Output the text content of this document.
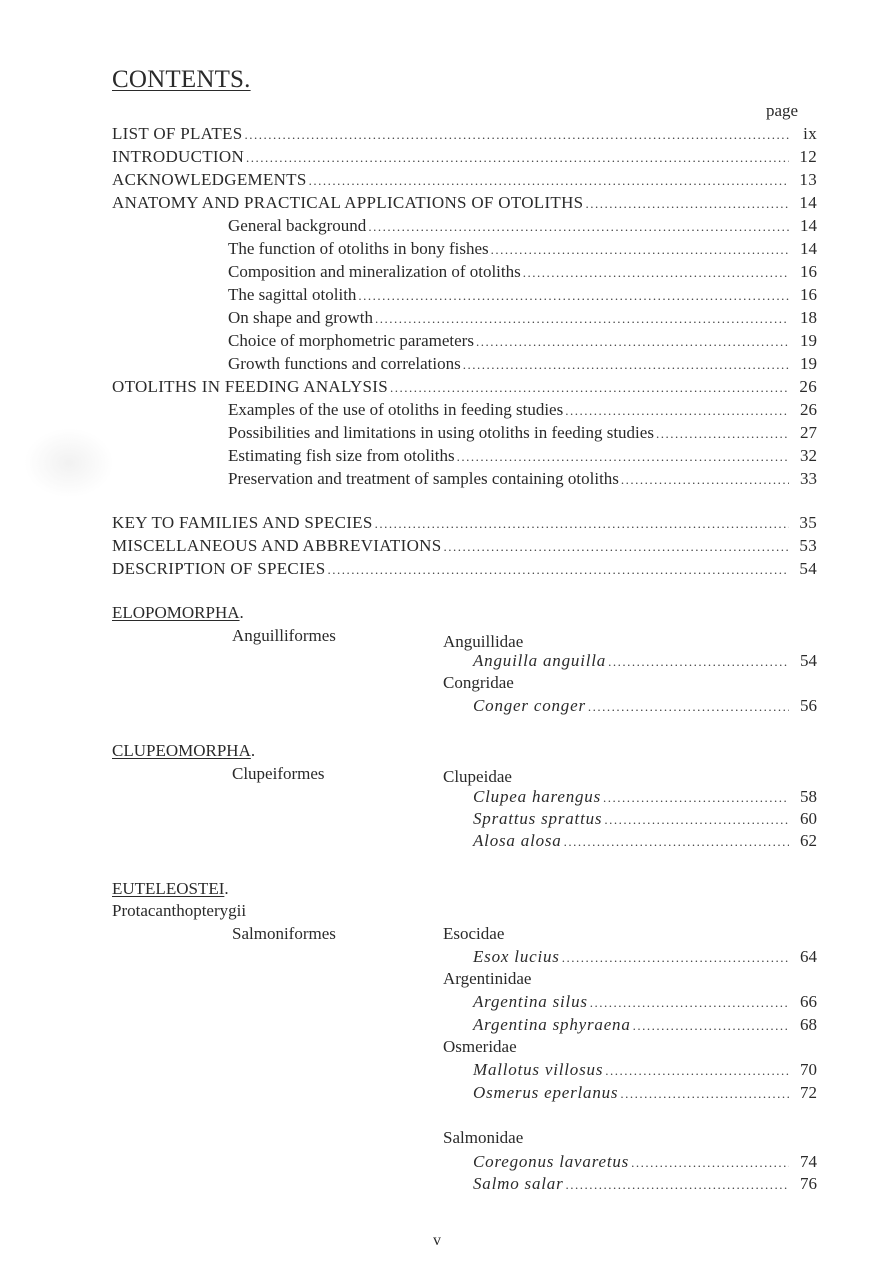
CONTENTS.
page
LIST OF PLATES .....	ix
INTRODUCTION .....	12
ACKNOWLEDGEMENTS .....	13
ANATOMY AND PRACTICAL APPLICATIONS OF OTOLITHS .....	14
General background .....	14
The function of otoliths in bony fishes .....	14
Composition and mineralization of otoliths .....	16
The sagittal otolith .....	16
On shape and growth .....	18
Choice of morphometric parameters .....	19
Growth functions and correlations .....	19
OTOLITHS IN FEEDING ANALYSIS .....	26
Examples of the use of otoliths in feeding studies .....	26
Possibilities and limitations in using otoliths in feeding studies .....	27
Estimating fish size from otoliths .....	32
Preservation and treatment of samples containing otoliths .....	33
KEY TO FAMILIES AND SPECIES .....	35
MISCELLANEOUS AND ABBREVIATIONS .....	53
DESCRIPTION OF SPECIES .....	54
ELOPOMORPHA.
Anguilliformes	Anguillidae
Anguilla anguilla .....	54
Congridae
Conger conger .....	56
CLUPEOMORPHA.
Clupeiformes	Clupeidae
Clupea harengus .....	58
Sprattus sprattus .....	60
Alosa alosa .....	62
EUTELEOSTEI.
Protacanthopterygii
Salmoniformes	Esocidae
Esox lucius .....	64
Argentinidae
Argentina silus .....	66
Argentina sphyraena .....	68
Osmeridae
Mallotus villosus .....	70
Osmerus eperlanus .....	72
Salmonidae
Coregonus lavaretus .....	74
Salmo salar .....	76
v
